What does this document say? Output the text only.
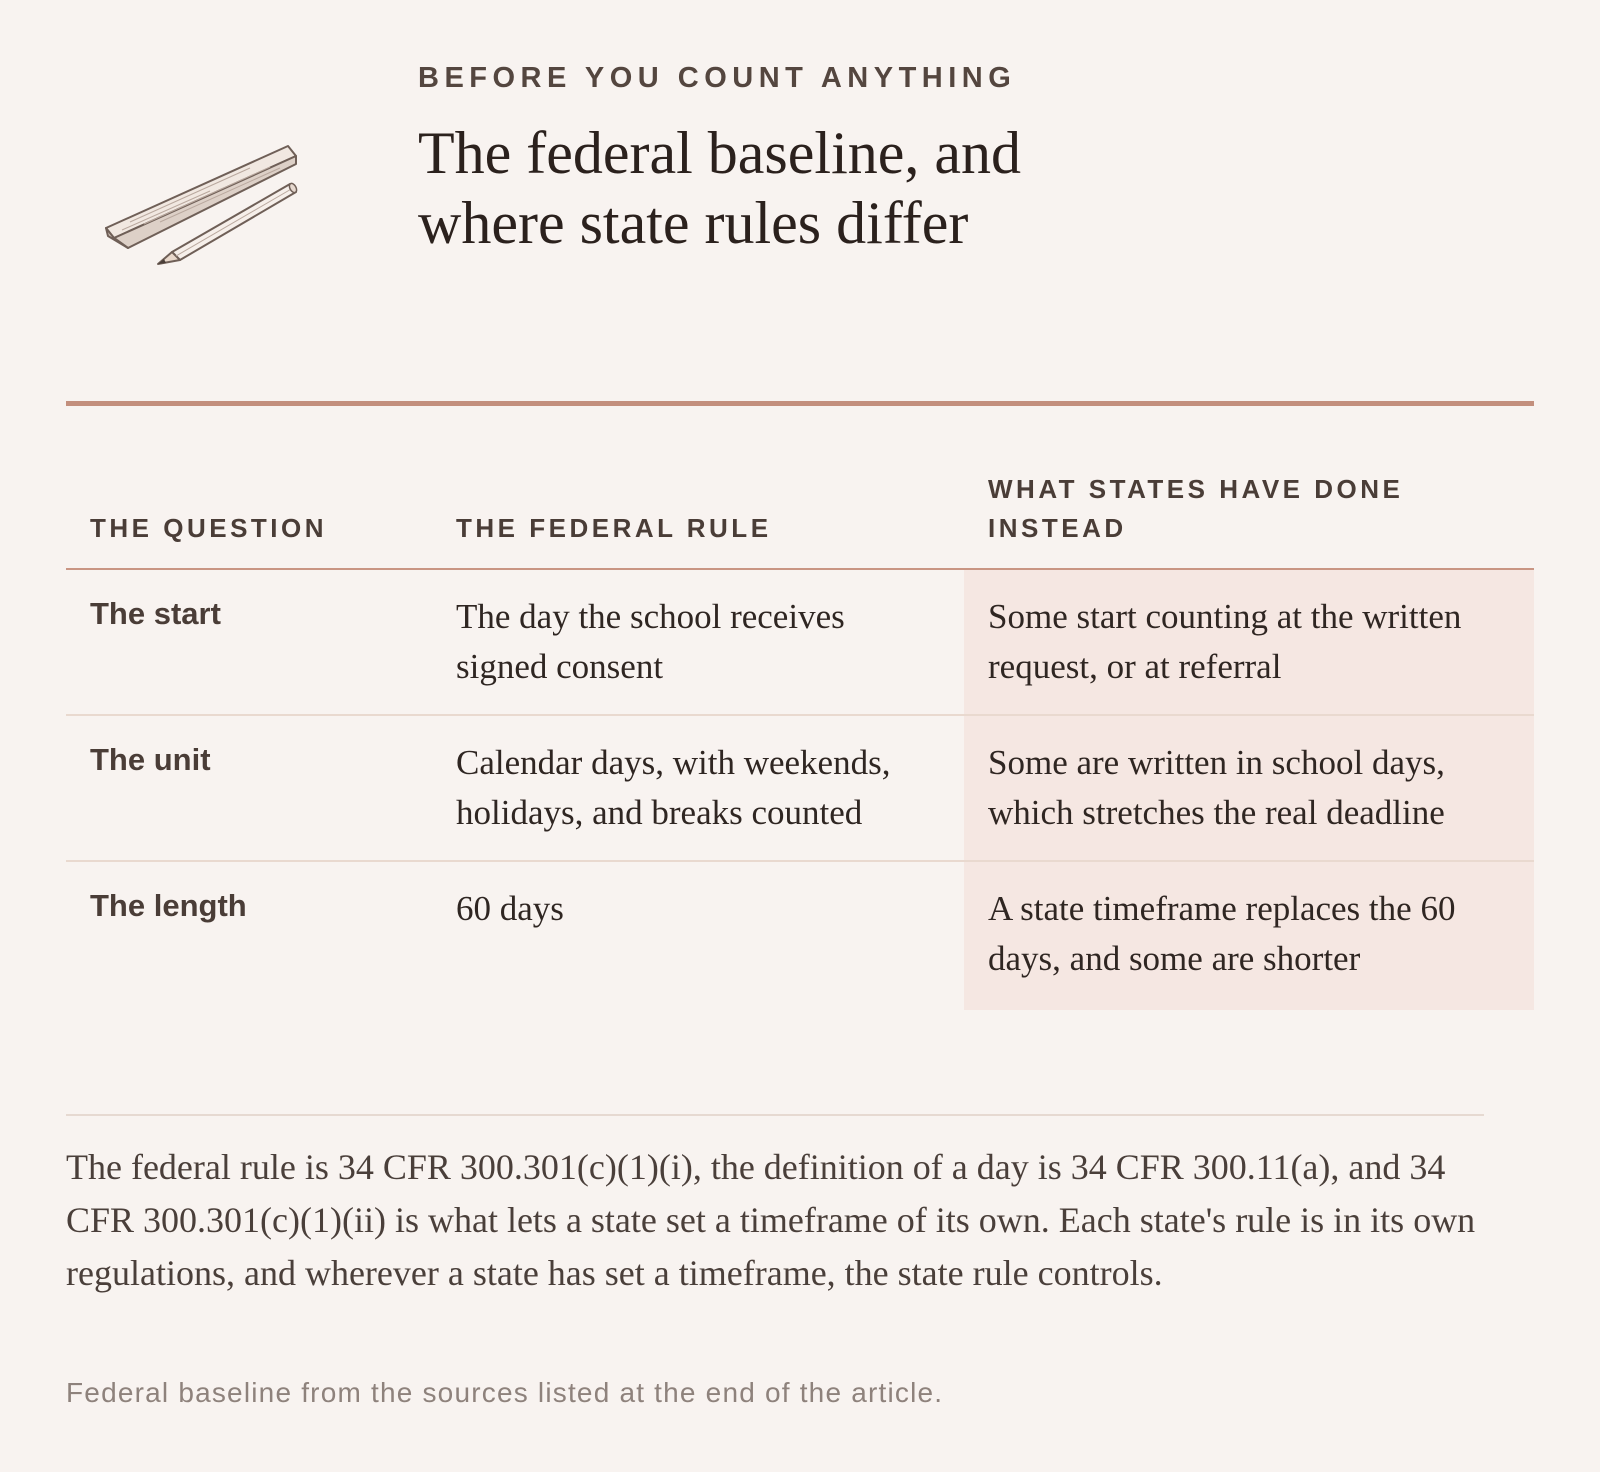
BEFORE YOU COUNT ANYTHING
The federal baseline, and where state rules differ
THE QUESTION	THE FEDERAL RULE	WHAT STATES HAVE DONE INSTEAD
The start	The day the school receives signed consent	Some start counting at the written request, or at referral
The unit	Calendar days, with weekends, holidays, and breaks counted	Some are written in school days, which stretches the real deadline
The length	60 days	A state timeframe replaces the 60 days, and some are shorter

The federal rule is 34 CFR 300.301(c)(1)(i), the definition of a day is 34 CFR 300.11(a), and 34 CFR 300.301(c)(1)(ii) is what lets a state set a timeframe of its own. Each state's rule is in its own regulations, and wherever a state has set a timeframe, the state rule controls.

Federal baseline from the sources listed at the end of the article.
